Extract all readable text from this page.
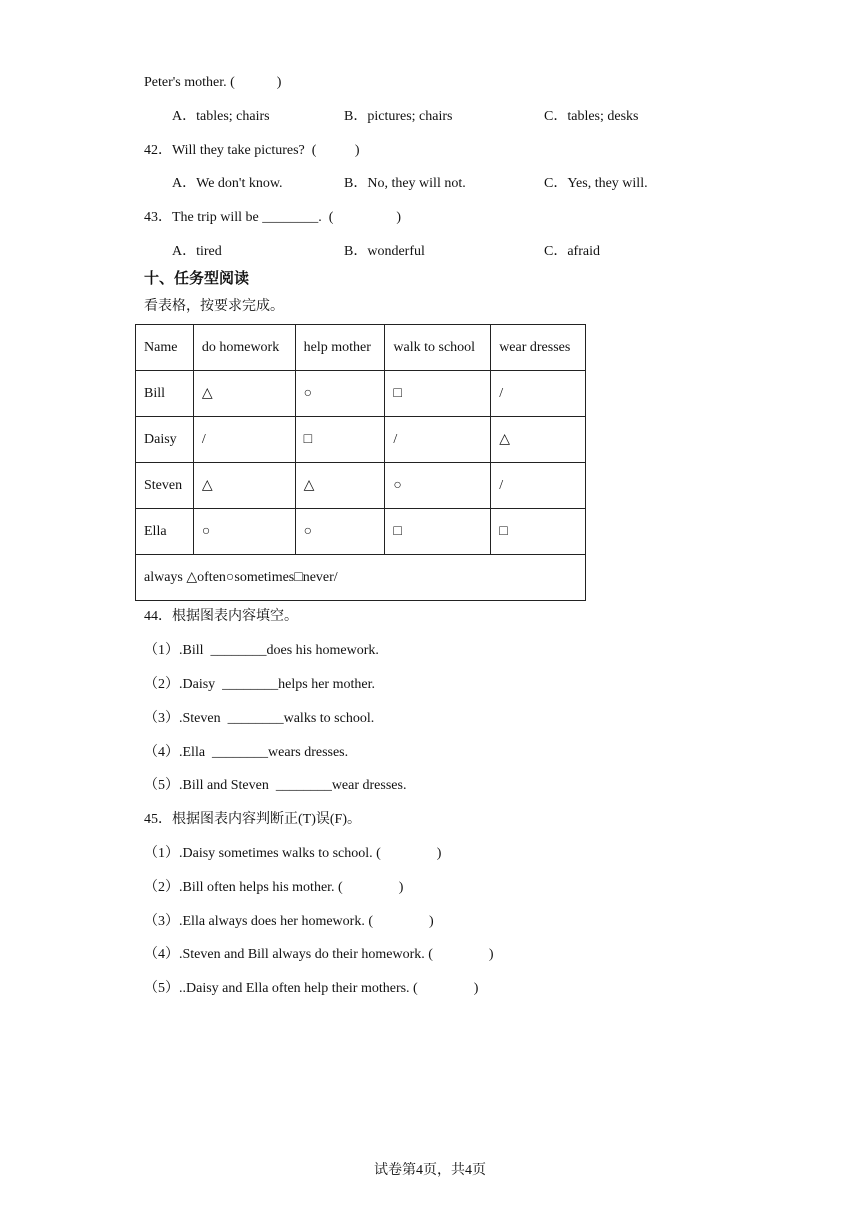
Peter's mother. (            )
A．tables; chairs	B．pictures; chairs	C．tables; desks
42．Will they take pictures?  (           )
A．We don't know.	B．No, they will not.	C．Yes, they will.
43．The trip will be ________.  (                  )
A．tired	B．wonderful	C．afraid
十、任务型阅读
看表格，按要求完成。
Name	do homework	help mother	walk to school	wear dresses
Bill	△	○	□	/
Daisy	/	□	/	△
Steven	△	△	○	/
Ella	○	○	□	□
always △often○sometimes□never/				
44．根据图表内容填空。
（1）.Bill  ________does his homework.
（2）.Daisy  ________helps her mother.
（3）.Steven  ________walks to school.
（4）.Ella  ________wears dresses.
（5）.Bill and Steven  ________wear dresses.
45．根据图表内容判断正(T)误(F)。
（1）.Daisy sometimes walks to school. (                )
（2）.Bill often helps his mother. (                )
（3）.Ella always does her homework. (                )
（4）.Steven and Bill always do their homework. (                )
（5）..Daisy and Ella often help their mothers. (                )
试卷第4页，共4页
